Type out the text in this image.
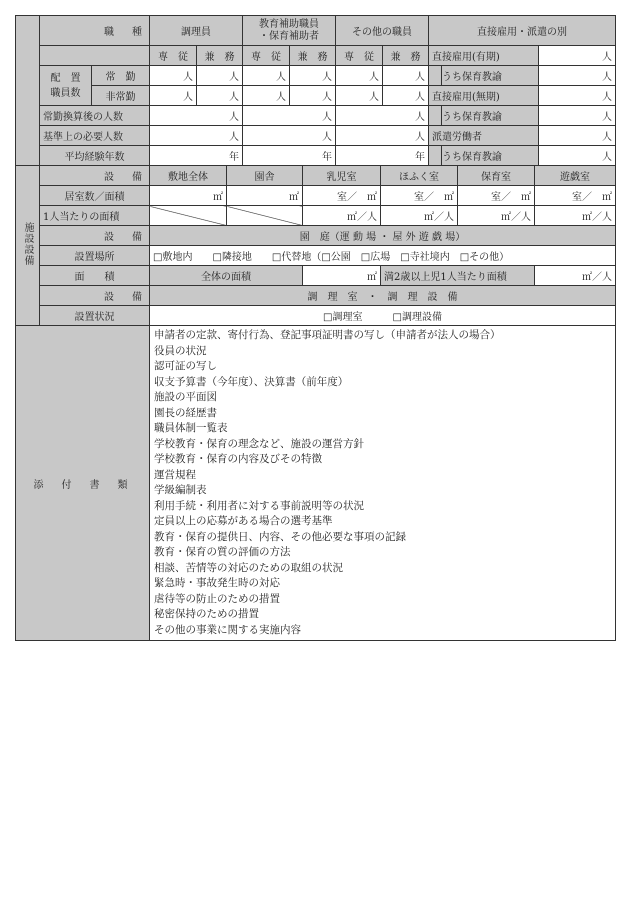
	職　種		調理員		教育補助職員
・保育補助者		その他の職員		直接雇用・派遣の別		
			専　従	兼　務	専　従	兼　務	専　従	兼　務	直接雇用(有期)		人
	配　置
職員数	常　勤	人	人	人	人	人	人		うち保育教諭	人
		非常勤	人	人	人	人	人	人	直接雇用(無期)		人
	常勤換算後の人数		人		人		人			うち保育教諭	人
	基準上の必要人数		人		人		人		派遣労働者		人
	平均経験年数		年		年		年			うち保育教諭	人
施設設備	設　備	敷地全体	園舎	乳児室	ほふく室	保育室	遊戯室
	居室数／面積	㎡	㎡	室／　㎡	室／　㎡	室／　㎡	室／　㎡
	1人当たりの面積			㎡／人	㎡／人	㎡／人	㎡／人
	設　備	園　庭（運 動 場 ・ 屋 外 遊 戯 場）					
	設置場所	□敷地内　　□隣接地　　□代替地（□公園　□広場　□寺社境内　□その他）					
	面　　積	全体の面積		㎡	満2歳以上児1人当たり面積		㎡／人
	設　備	調　理　室　・　調　理　設　備					
	設置状況	□調理室　　　□調理設備					
添　付　書　類	
申請者の定款、寄付行為、登記事項証明書の写し（申請者が法人の場合）
役員の状況
認可証の写し
収支予算書（今年度）、決算書（前年度）
施設の平面図
園長の経歴書
職員体制一覧表
学校教育・保育の理念など、施設の運営方針
学校教育・保育の内容及びその特徴
運営規程
学級編制表
利用手続・利用者に対する事前説明等の状況
定員以上の応募がある場合の選考基準
教育・保育の提供日、内容、その他必要な事項の記録
教育・保育の質の評価の方法
相談、苦情等の対応のための取組の状況
緊急時・事故発生時の対応
虐待等の防止のための措置
秘密保持のための措置
その他の事業に関する実施内容
